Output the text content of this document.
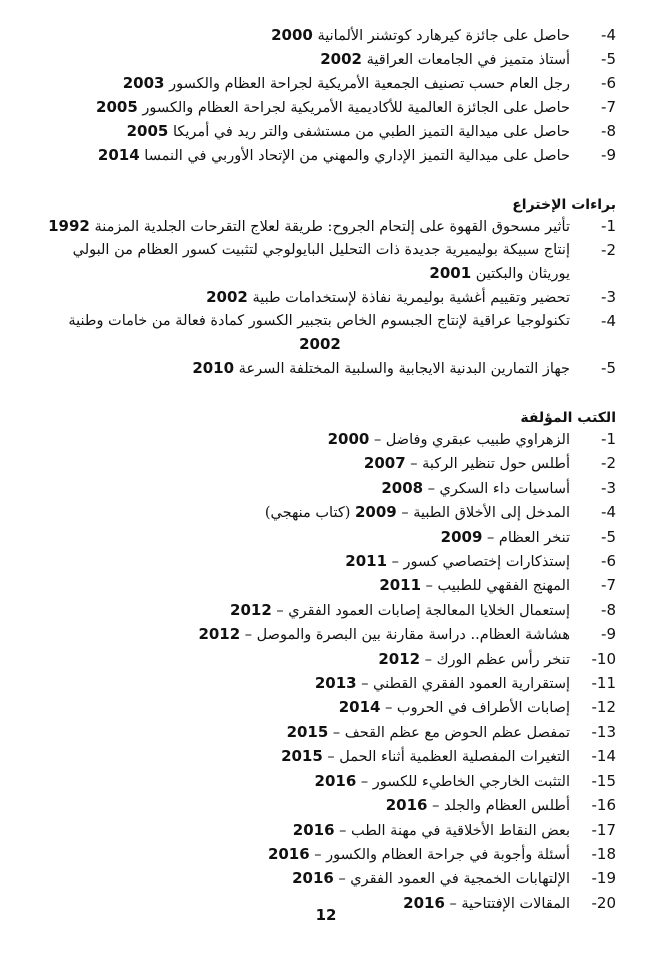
4-
حاصل على جائزة كيرهارد كوتشنر الألمانية 2000
5-
أستاذ متميز في الجامعات العراقية 2002
6-
رجل العام حسب تصنيف الجمعية الأمريكية لجراحة العظام والكسور 2003
7-
حاصل على الجائزة العالمية للأكاديمية الأمريكية لجراحة العظام والكسور 2005
8-
حاصل على ميدالية التميز الطبي من مستشفى والتر ريد في أمريكا 2005
9-
حاصل على ميدالية التميز الإداري والمهني من الإتحاد الأوربي في النمسا 2014
براءات الإختراع
1-
تأثير مسحوق القهوة على إلتحام الجروح: طريقة لعلاج التقرحات الجلدية المزمنة 1992
2-
إنتاج سبيكة بوليميرية جديدة ذات التحليل البايولوجي لتثبيت كسور العظام من البولي
يوريثان والبكتين 2001
3-
تحضير وتقييم أغشية بوليمرية نفاذة لإستخدامات طبية 2002
4-
تكنولوجيا عراقية لإنتاج الجبسوم الخاص بتجبير الكسور كمادة فعالة من خامات وطنية
2002
5-
جهاز التمارين البدنية الايجابية والسلبية المختلفة السرعة 2010
الكتب المؤلفة
1-
الزهراوي طبيب عبقري وفاضل – 2000
2-
أطلس حول تنظير الركبة – 2007
3-
أساسيات داء السكري – 2008
4-
المدخل إلى الأخلاق الطبية – 2009 (كتاب منهجي)
5-
تنخر العظام – 2009
6-
إستذكارات إختصاصي كسور – 2011
7-
المهنج الفقهي للطبيب – 2011
8-
إستعمال الخلايا المعالجة إصابات العمود الفقري – 2012
9-
هشاشة العظام.. دراسة مقارنة بين البصرة والموصل – 2012
10-
تنخر رأس عظم الورك – 2012
11-
إستقرارية العمود الفقري القطني – 2013
12-
إصابات الأطراف في الحروب – 2014
13-
تمفصل عظم الحوض مع عظم القحف – 2015
14-
التغيرات المفصلية العظمية أثناء الحمل – 2015
15-
التثبت الخارجي الخاطيء للكسور – 2016
16-
أطلس العظام والجلد – 2016
17-
بعض النقاط الأخلاقية في مهنة الطب – 2016
18-
أسئلة وأجوبة في جراحة العظام والكسور – 2016
19-
الإلتهابات الخمجية في العمود الفقري – 2016
20-
المقالات الإفتتاحية – 2016
12
